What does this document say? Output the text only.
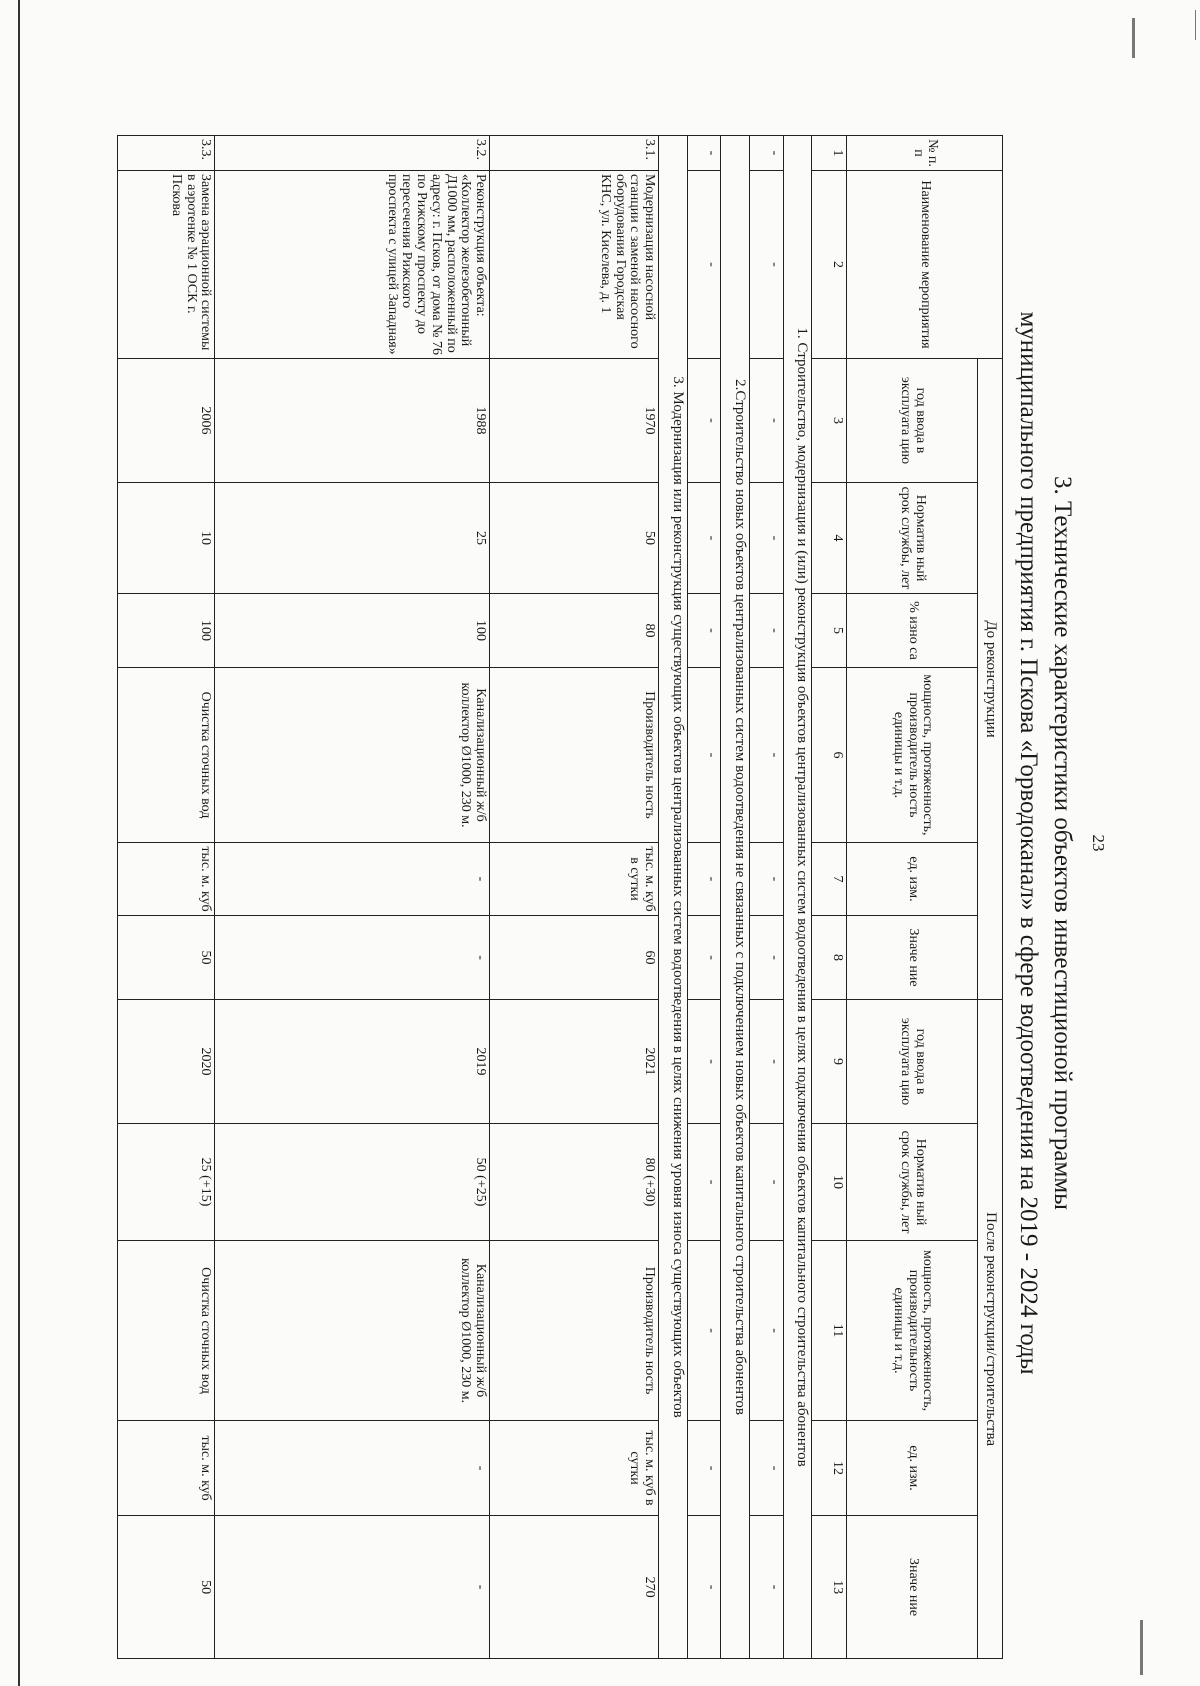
23
3. Технические характеристики объектов инвестиционой программы
муниципального предприятия г. Пскова «Горводоканал» в сфере водоотведения на 2019 - 2024 годы
№ п. п	Наименование мероприятия	До реконструкции						После реконструкции/строительства				
		год ввода в эксплуата цию	Норматив ный срок службы, лет	% изно са	мощность, протяженность, производитель ность единицы и т.д.	ед. изм.	Значе ние	год ввода в эксплуата цию	Норматив ный срок службы, лет	мощность, протяженность, производительность единицы и т.д.	ед. изм.	Значе ние
1	2	3	4	5	6	7	8	9	10	11	12	13
1. Строительство, модернизация и (или) реконструкция объектов централизованных систем водоотведения в целях подключения объектов капитального строительства абонентов												
-	-	-	-	-	-	-	-	-	-	-	-	-
2.Строительство новых объектов централизованных систем водоотведения не связанных с подключением новых объектов капитального строительства абонентов												
-	-	-	-	-	-	-	-	-	-	-	-	-
3. Модернизация или реконструкция существующих объектов централизованных систем водоотведения в целях снижения уровня износа существующих объектов												
3.1.	Модернизация насосной станции с заменой насосного оборудования Городская КНС, ул. Киселева, д. 1	1970	50	80	Производитель ность	тыс. м. куб в сутки	60	2021	80 (+30)	Производитель ность	тыс. м. куб в сутки	270
3.2.	Реконструкция объекта: «Коллектор железобетонный Д1000 мм, расположенный по адресу: г. Псков, от дома № 76 по Рижскому проспекту до пересечения Рижского проспекта с улицей Западная»	1988	25	100	Канализационный ж/б коллектор Ø1000, 230 м.	-	-	2019	50 (+25)	Канализационный ж/б коллектор Ø1000, 230 м.	-	-
3.3.	Замена аэрационной системы в аэротенке № 1 ОСК г. Пскова	2006	10	100	Очистка сточных вод	тыс. м. куб	50	2020	25 (+15)	Очистка сточных вод	тыс. м. куб	50
